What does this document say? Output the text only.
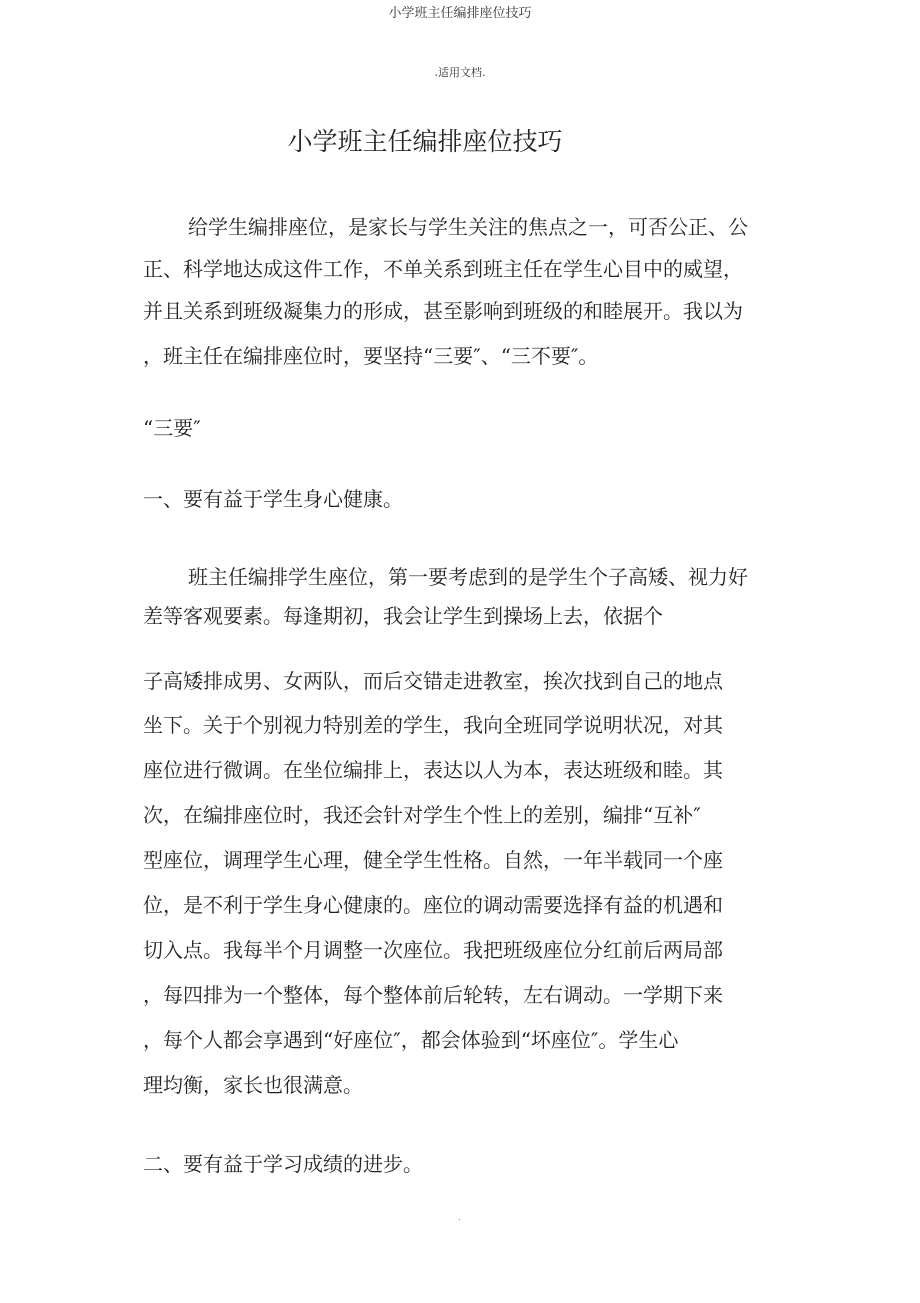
小学班主任编排座位技巧
.适用文档.
小学班主任编排座位技巧
给学生编排座位，是家长与学生关注的焦点之一，可否公正、公
正、科学地达成这件工作，不单关系到班主任在学生心目中的威望，
并且关系到班级凝集力的形成，甚至影响到班级的和睦展开。我以为
，班主任在编排座位时，要坚持“三要″、“三不要″。
“三要″
一、要有益于学生身心健康。
班主任编排学生座位，第一要考虑到的是学生个子高矮、视力好
差等客观要素。每逢期初，我会让学生到操场上去，依据个
子高矮排成男、女两队，而后交错走进教室，挨次找到自己的地点
坐下。关于个别视力特别差的学生，我向全班同学说明状况，对其
座位进行微调。在坐位编排上，表达以人为本，表达班级和睦。其
次，在编排座位时，我还会针对学生个性上的差别，编排“互补″
型座位，调理学生心理，健全学生性格。自然，一年半载同一个座
位，是不利于学生身心健康的。座位的调动需要选择有益的机遇和
切入点。我每半个月调整一次座位。我把班级座位分红前后两局部
，每四排为一个整体，每个整体前后轮转，左右调动。一学期下来
，每个人都会享遇到“好座位″，都会体验到“坏座位″。学生心
理均衡，家长也很满意。
二、要有益于学习成绩的进步。
.
